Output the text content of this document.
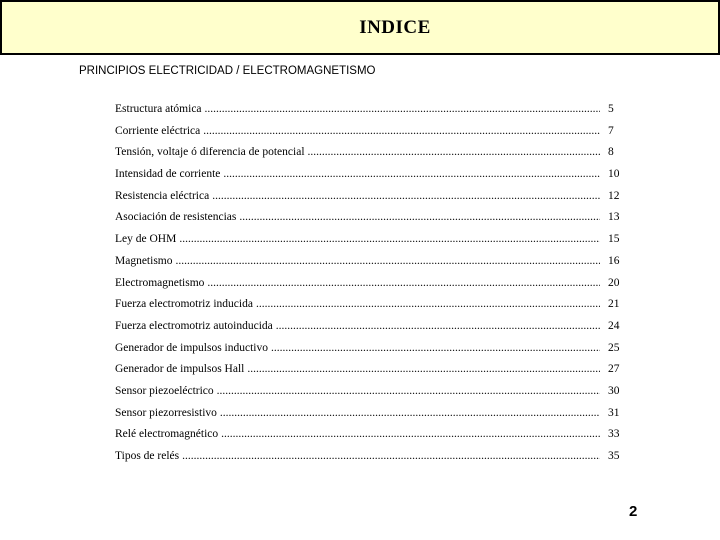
INDICE
PRINCIPIOS ELECTRICIDAD / ELECTROMAGNETISMO
Estructura atómica .....	5
Corriente eléctrica .....	7
Tensión, voltaje ó diferencia de potencial .....	8
Intensidad de corriente .....	10
Resistencia eléctrica .....	12
Asociación de resistencias .....	13
Ley de OHM .....	15
Magnetismo .....	16
Electromagnetismo .....	20
Fuerza electromotriz inducida .....	21
Fuerza electromotriz autoinducida .....	24
Generador de impulsos inductivo .....	25
Generador de impulsos Hall .....	27
Sensor piezoeléctrico .....	30
Sensor piezorresistivo .....	31
Relé electromagnético .....	33
Tipos de relés .....	35
2
